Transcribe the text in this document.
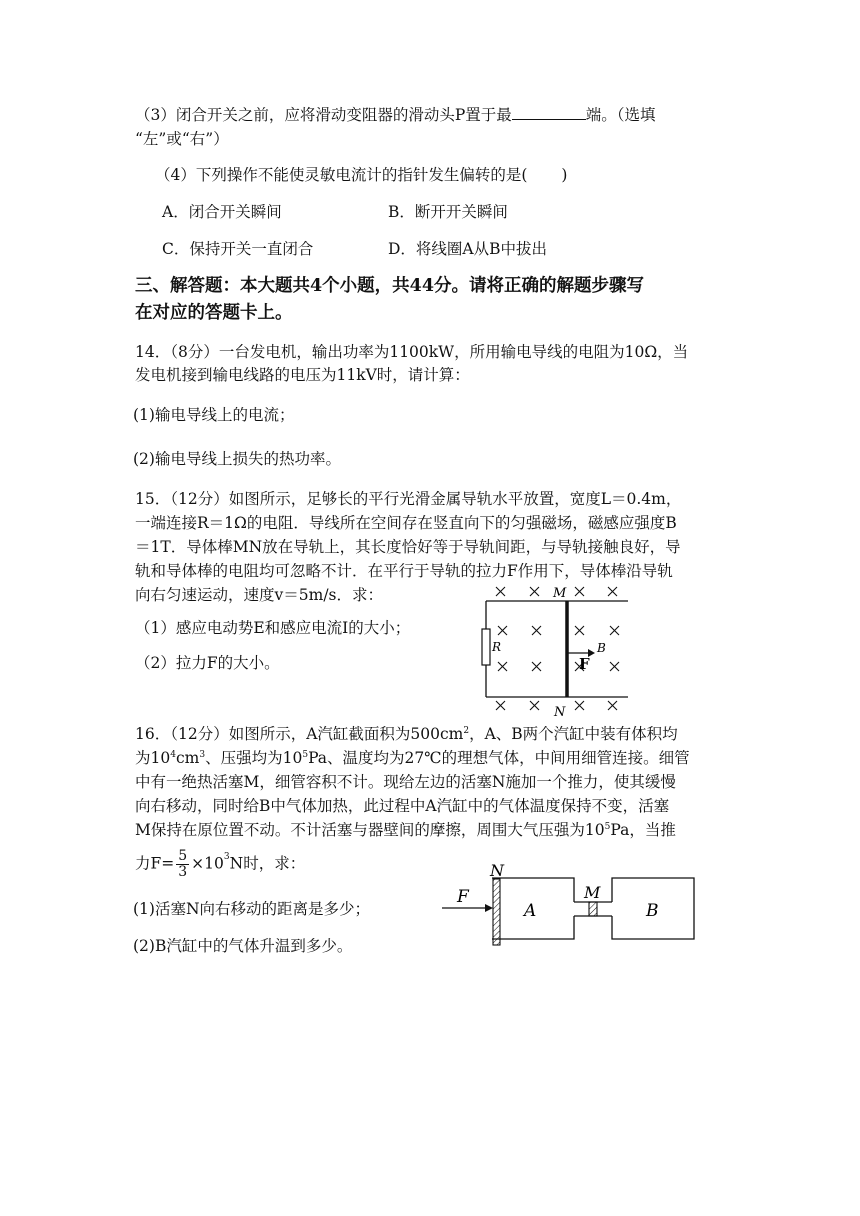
（3）闭合开关之前，应将滑动变阻器的滑动头P置于最	端。（选填
“左”或“右”）
（4）下列操作不能使灵敏电流计的指针发生偏转的是( )
A．闭合开关瞬间	B．断开开关瞬间
C．保持开关一直闭合	D．将线圈A从B中拔出
三、解答题：本大题共4个小题，共44分。请将正确的解题步骤写
在对应的答题卡上。
14．（8分）一台发电机，输出功率为1100kW，所用输电导线的电阻为10Ω，当
发电机接到输电线路的电压为11kV时，请计算：
(1)输电导线上的电流；
(2)输电导线上损失的热功率。
15．（12分）如图所示，足够长的平行光滑金属导轨水平放置，宽度L＝0.4m，
一端连接R＝1Ω的电阻．导线所在空间存在竖直向下的匀强磁场，磁感应强度B
＝1T．导体棒MN放在导轨上，其长度恰好等于导轨间距，与导轨接触良好，导
轨和导体棒的电阻均可忽略不计．在平行于导轨的拉力F作用下，导体棒沿导轨
向右匀速运动，速度v＝5m/s．求：
（1）感应电动势E和感应电流I的大小；
（2）拉力F的大小。
M
N
R	B
F
16．（12分）如图所示，A汽缸截面积为$500cm^2$，A、B两个汽缸中装有体积均
为$10^4cm^3$、压强均为$10^5Pa$、温度均为27℃的理想气体，中间用细管连接。细管
中有一绝热活塞M，细管容积不计。现给左边的活塞N施加一个推力，使其缓慢
向右移动，同时给B中气体加热，此过程中A汽缸中的气体温度保持不变，活塞
M保持在原位置不动。不计活塞与器壁间的摩擦，周围大气压强为$10^5Pa$，当推
力$F= \frac{5}{3} \times 10^3N$时，求：
(1)活塞N向右移动的距离是多少；
(2)B汽缸中的气体升温到多少。
F
N
M
A	B
